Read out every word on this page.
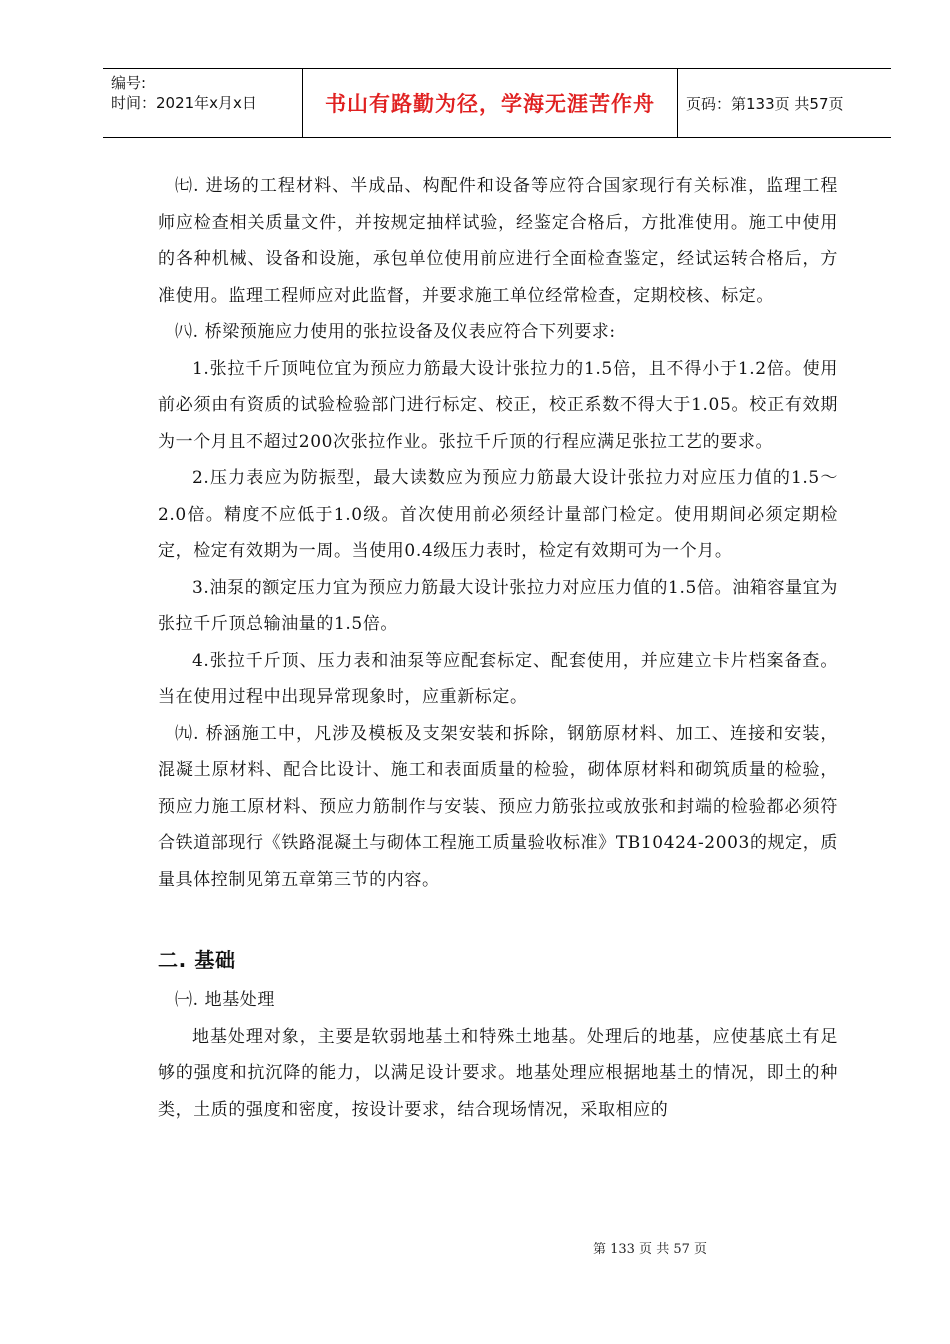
编号:
时间：2021年x月x日	书山有路勤为径，学海无涯苦作舟	页码：第133页 共57页

㈦. 进场的工程材料、半成品、构配件和设备等应符合国家现行有关标准，监理工程师应检查相关质量文件，并按规定抽样试验，经鉴定合格后，方批准使用。施工中使用的各种机械、设备和设施，承包单位使用前应进行全面检查鉴定，经试运转合格后，方准使用。监理工程师应对此监督，并要求施工单位经常检查，定期校核、标定。

㈧. 桥梁预施应力使用的张拉设备及仪表应符合下列要求:

1.张拉千斤顶吨位宜为预应力筋最大设计张拉力的1.5倍，且不得小于1.2倍。使用前必须由有资质的试验检验部门进行标定、校正，校正系数不得大于1.05。校正有效期为一个月且不超过200次张拉作业。张拉千斤顶的行程应满足张拉工艺的要求。

2.压力表应为防振型，最大读数应为预应力筋最大设计张拉力对应压力值的1.5～2.0倍。精度不应低于1.0级。首次使用前必须经计量部门检定。使用期间必须定期检定，检定有效期为一周。当使用0.4级压力表时，检定有效期可为一个月。

3.油泵的额定压力宜为预应力筋最大设计张拉力对应压力值的1.5倍。油箱容量宜为张拉千斤顶总输油量的1.5倍。

4.张拉千斤顶、压力表和油泵等应配套标定、配套使用，并应建立卡片档案备查。当在使用过程中出现异常现象时，应重新标定。

㈨. 桥涵施工中，凡涉及模板及支架安装和拆除，钢筋原材料、加工、连接和安装，混凝土原材料、配合比设计、施工和表面质量的检验，砌体原材料和砌筑质量的检验，预应力施工原材料、预应力筋制作与安装、预应力筋张拉或放张和封端的检验都必须符合铁道部现行《铁路混凝土与砌体工程施工质量验收标准》TB10424-2003的规定，质量具体控制见第五章第三节的内容。

二. 基础

㈠. 地基处理

地基处理对象，主要是软弱地基土和特殊土地基。处理后的地基，应使基底土有足够的强度和抗沉降的能力，以满足设计要求。地基处理应根据地基土的情况，即土的种类，土质的强度和密度，按设计要求，结合现场情况，采取相应的

第 133 页 共 57 页
